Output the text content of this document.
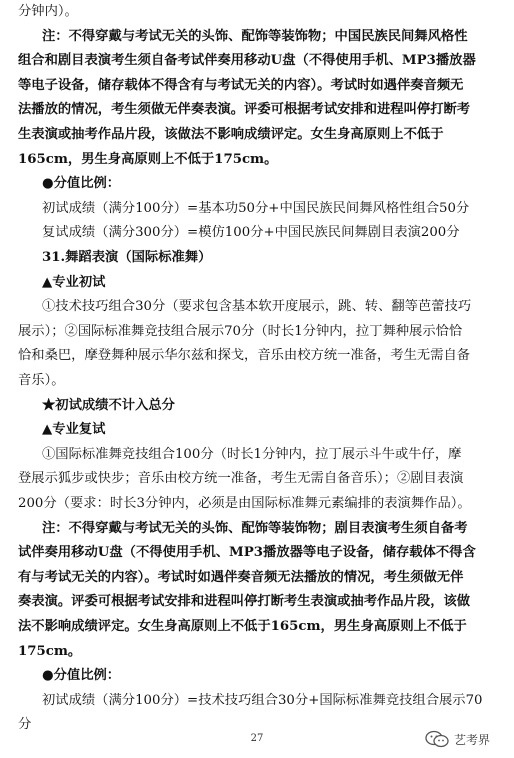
分钟内）。
注：不得穿戴与考试无关的头饰、配饰等装饰物；中国民族民间舞风格性
组合和剧目表演考生须自备考试伴奏用移动U盘（不得使用手机、MP3播放器
等电子设备，储存载体不得含有与考试无关的内容）。考试时如遇伴奏音频无
法播放的情况，考生须做无伴奏表演。评委可根据考试安排和进程叫停打断考
生表演或抽考作品片段，该做法不影响成绩评定。女生身高原则上不低于
165cm，男生身高原则上不低于175cm。
●分值比例：
初试成绩（满分100分）=基本功50分+中国民族民间舞风格性组合50分
复试成绩（满分300分）=模仿100分+中国民族民间舞剧目表演200分
31.舞蹈表演（国际标准舞）
▲专业初试
①技术技巧组合30分（要求包含基本软开度展示，跳、转、翻等芭蕾技巧
展示）；②国际标准舞竞技组合展示70分（时长1分钟内，拉丁舞种展示恰恰
恰和桑巴，摩登舞种展示华尔兹和探戈，音乐由校方统一准备，考生无需自备
音乐）。
★初试成绩不计入总分
▲专业复试
①国际标准舞竞技组合100分（时长1分钟内，拉丁展示斗牛或牛仔，摩
登展示狐步或快步；音乐由校方统一准备，考生无需自备音乐）；②剧目表演
200分（要求：时长3分钟内，必须是由国际标准舞元素编排的表演舞作品）。
注：不得穿戴与考试无关的头饰、配饰等装饰物；剧目表演考生须自备考
试伴奏用移动U盘（不得使用手机、MP3播放器等电子设备，储存载体不得含
有与考试无关的内容）。考试时如遇伴奏音频无法播放的情况，考生须做无伴
奏表演。评委可根据考试安排和进程叫停打断考生表演或抽考作品片段，该做
法不影响成绩评定。女生身高原则上不低于165cm，男生身高原则上不低于
175cm。
●分值比例：
初试成绩（满分100分）=技术技巧组合30分+国际标准舞竞技组合展示70
分
27	艺考界
